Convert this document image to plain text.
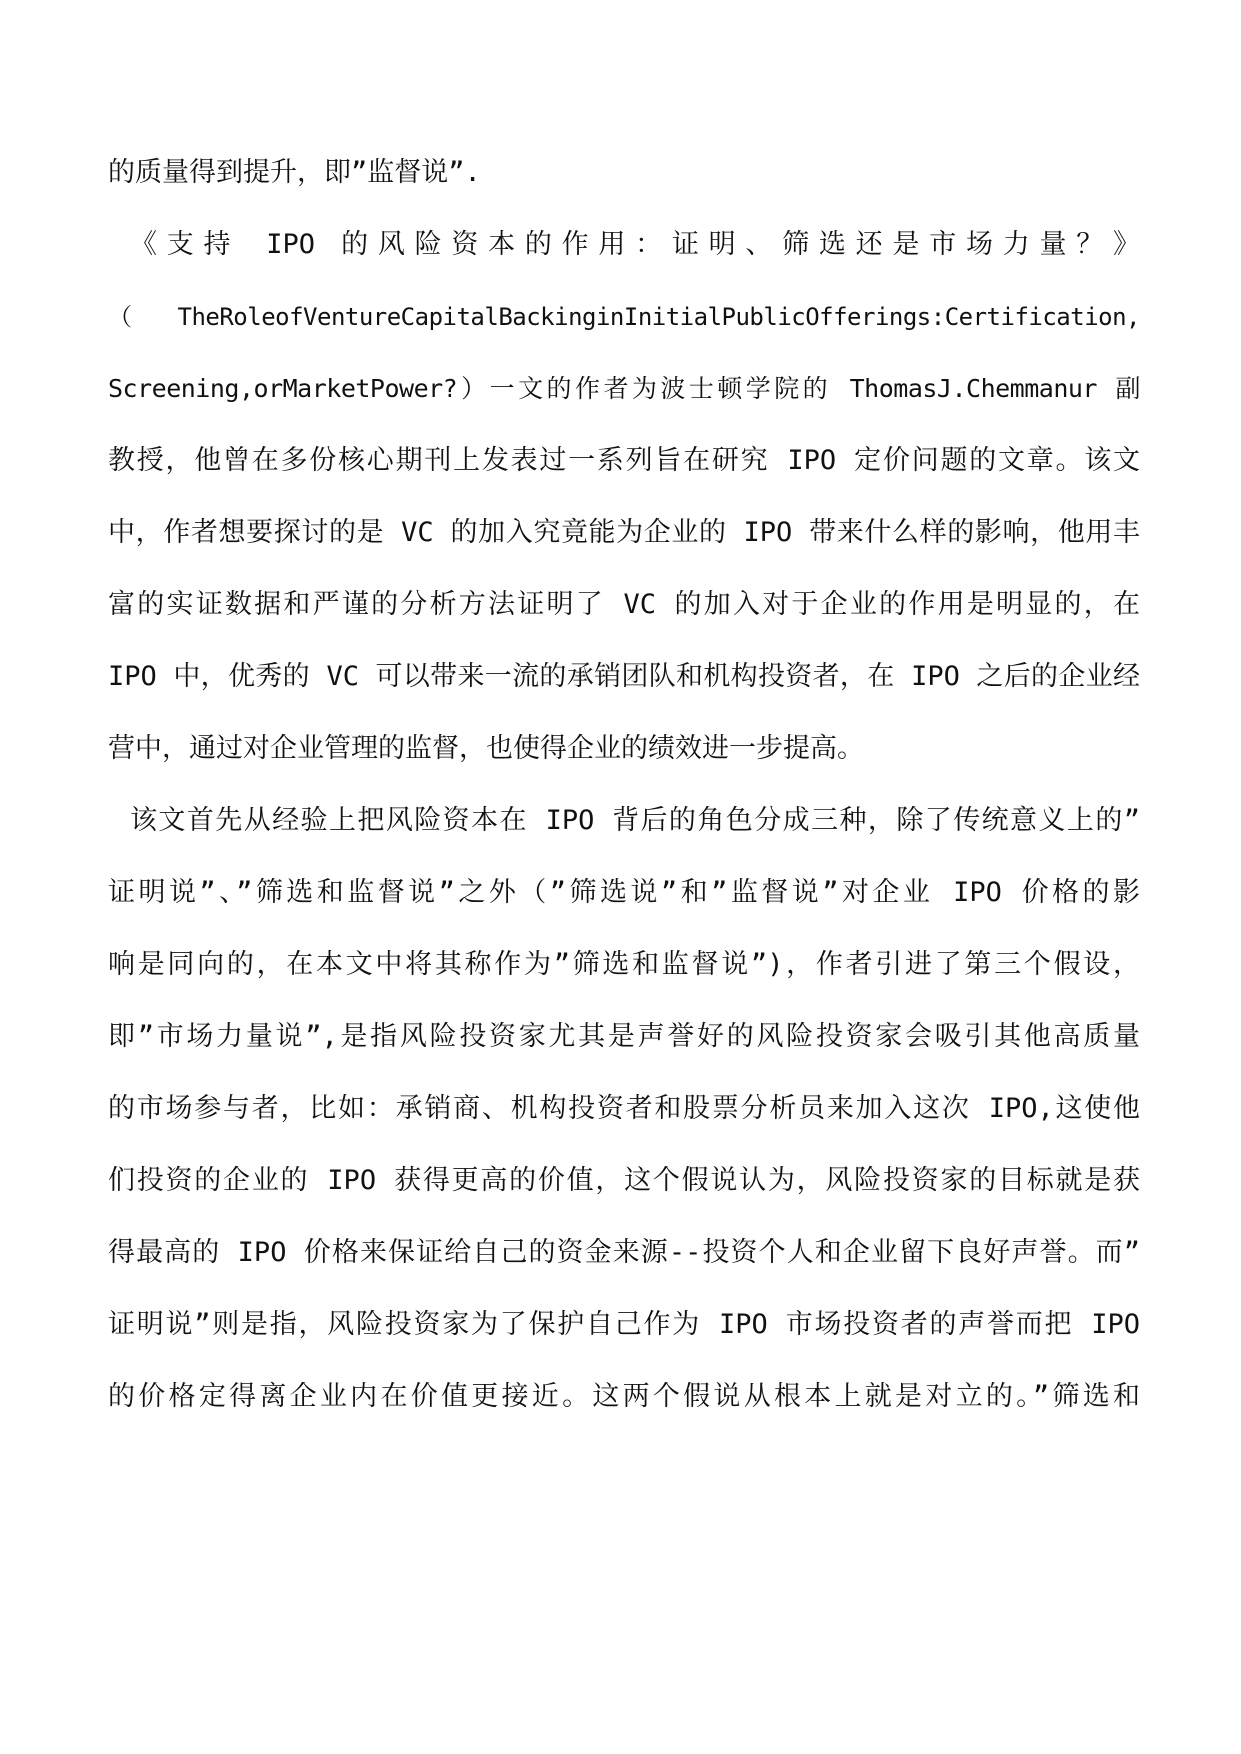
的质量得到提升，即”监督说”.
《支持 IPO 的风险资本的作用：证明、筛选还是市场力量？》
（TheRoleofVentureCapitalBackinginInitialPublicOfferings:Certification,
Screening,orMarketPower?）一文的作者为波士顿学院的 ThomasJ.Chemmanur 副
教授，他曾在多份核心期刊上发表过一系列旨在研究 IPO 定价问题的文章。该文
中，作者想要探讨的是 VC 的加入究竟能为企业的 IPO 带来什么样的影响，他用丰
富的实证数据和严谨的分析方法证明了 VC 的加入对于企业的作用是明显的，在
IPO 中，优秀的 VC 可以带来一流的承销团队和机构投资者，在 IPO 之后的企业经
营中，通过对企业管理的监督，也使得企业的绩效进一步提高。
该文首先从经验上把风险资本在 IPO 背后的角色分成三种，除了传统意义上的”
证明说”、”筛选和监督说”之外（”筛选说”和”监督说”对企业 IPO 价格的影
响是同向的，在本文中将其称作为”筛选和监督说”)，作者引进了第三个假设，
即”市场力量说”,是指风险投资家尤其是声誉好的风险投资家会吸引其他高质量
的市场参与者，比如：承销商、机构投资者和股票分析员来加入这次 IPO,这使他
们投资的企业的 IPO 获得更高的价值，这个假说认为，风险投资家的目标就是获
得最高的 IPO 价格来保证给自己的资金来源--投资个人和企业留下良好声誉。而”
证明说”则是指，风险投资家为了保护自己作为 IPO 市场投资者的声誉而把 IPO
的价格定得离企业内在价值更接近。这两个假说从根本上就是对立的。”筛选和
